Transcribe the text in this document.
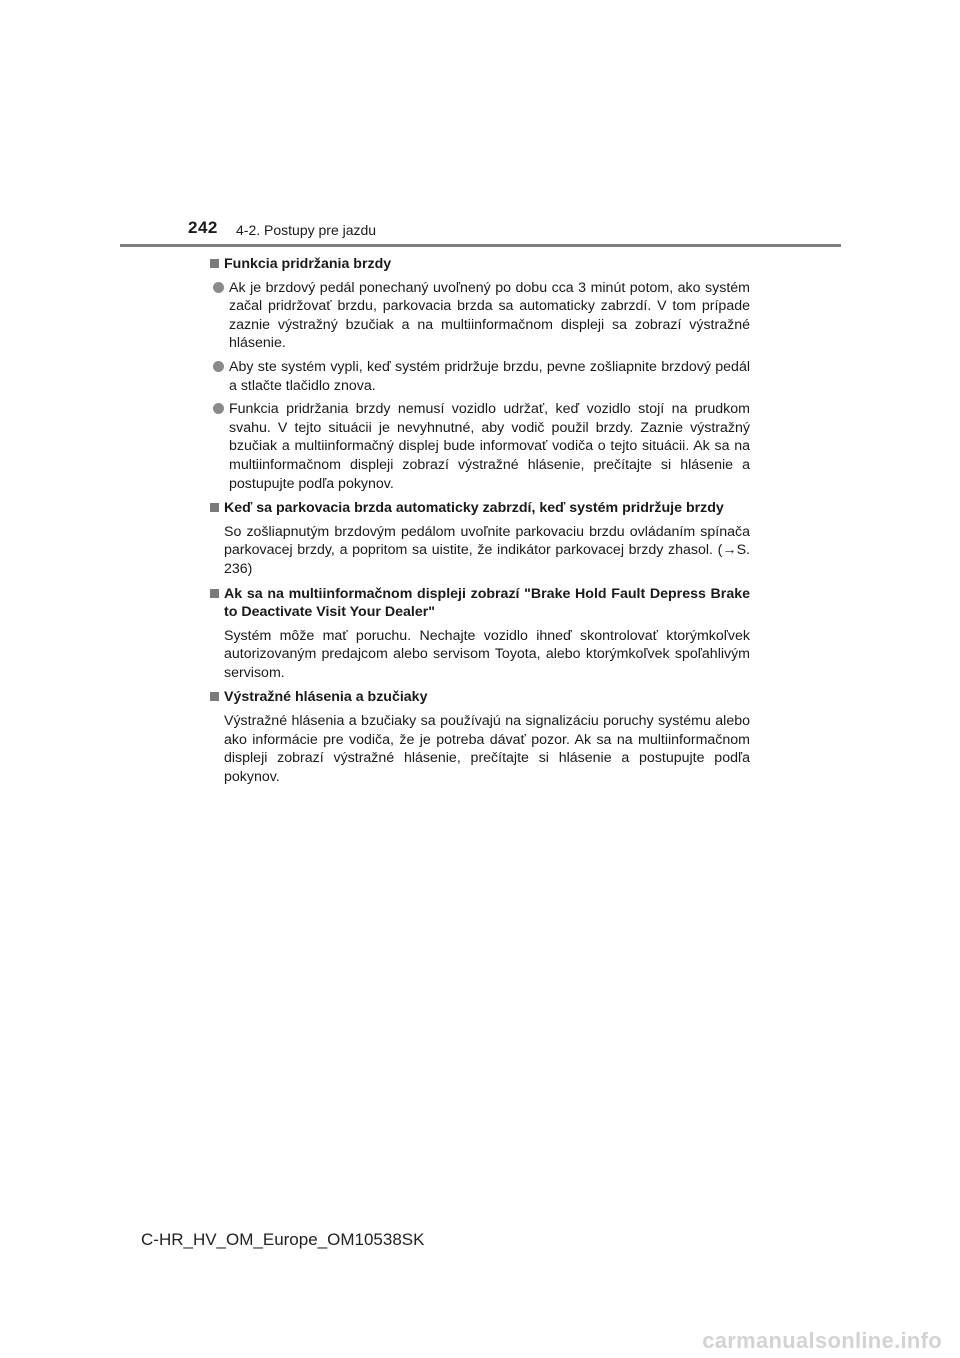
242 4-2. Postupy pre jazdu
Funkcia pridržania brzdy
Ak je brzdový pedál ponechaný uvoľnený po dobu cca 3 minút potom, ako systém začal pridržovať brzdu, parkovacia brzda sa automaticky zabrzdí. V tom prípade zaznie výstražný bzučiak a na multiinformačnom displeji sa zobrazí výstražné hlásenie.
Aby ste systém vypli, keď systém pridržuje brzdu, pevne zošliapnite brzdový pedál a stlačte tlačidlo znova.
Funkcia pridržania brzdy nemusí vozidlo udržať, keď vozidlo stojí na prudkom svahu. V tejto situácii je nevyhnutné, aby vodič použil brzdy. Zaznie výstražný bzučiak a multiinformačný displej bude informovať vodiča o tejto situácii. Ak sa na multiinformačnom displeji zobrazí výstražné hlásenie, prečítajte si hlásenie a postupujte podľa pokynov.
Keď sa parkovacia brzda automaticky zabrzdí, keď systém pridržuje brzdy
So zošliapnutým brzdovým pedálom uvoľnite parkovaciu brzdu ovládaním spínača parkovacej brzdy, a popritom sa uistite, že indikátor parkovacej brzdy zhasol. (→S. 236)
Ak sa na multiinformačnom displeji zobrazí "Brake Hold Fault Depress Brake to Deactivate Visit Your Dealer"
Systém môže mať poruchu. Nechajte vozidlo ihneď skontrolovať ktorýmkoľvek autorizovaným predajcom alebo servisom Toyota, alebo ktorýmkoľvek spoľahlivým servisom.
Výstražné hlásenia a bzučiaky
Výstražné hlásenia a bzučiaky sa používajú na signalizáciu poruchy systému alebo ako informácie pre vodiča, že je potreba dávať pozor. Ak sa na multiinformačnom displeji zobrazí výstražné hlásenie, prečítajte si hlásenie a postupujte podľa pokynov.
C-HR_HV_OM_Europe_OM10538SK
carmanualsonline.info
